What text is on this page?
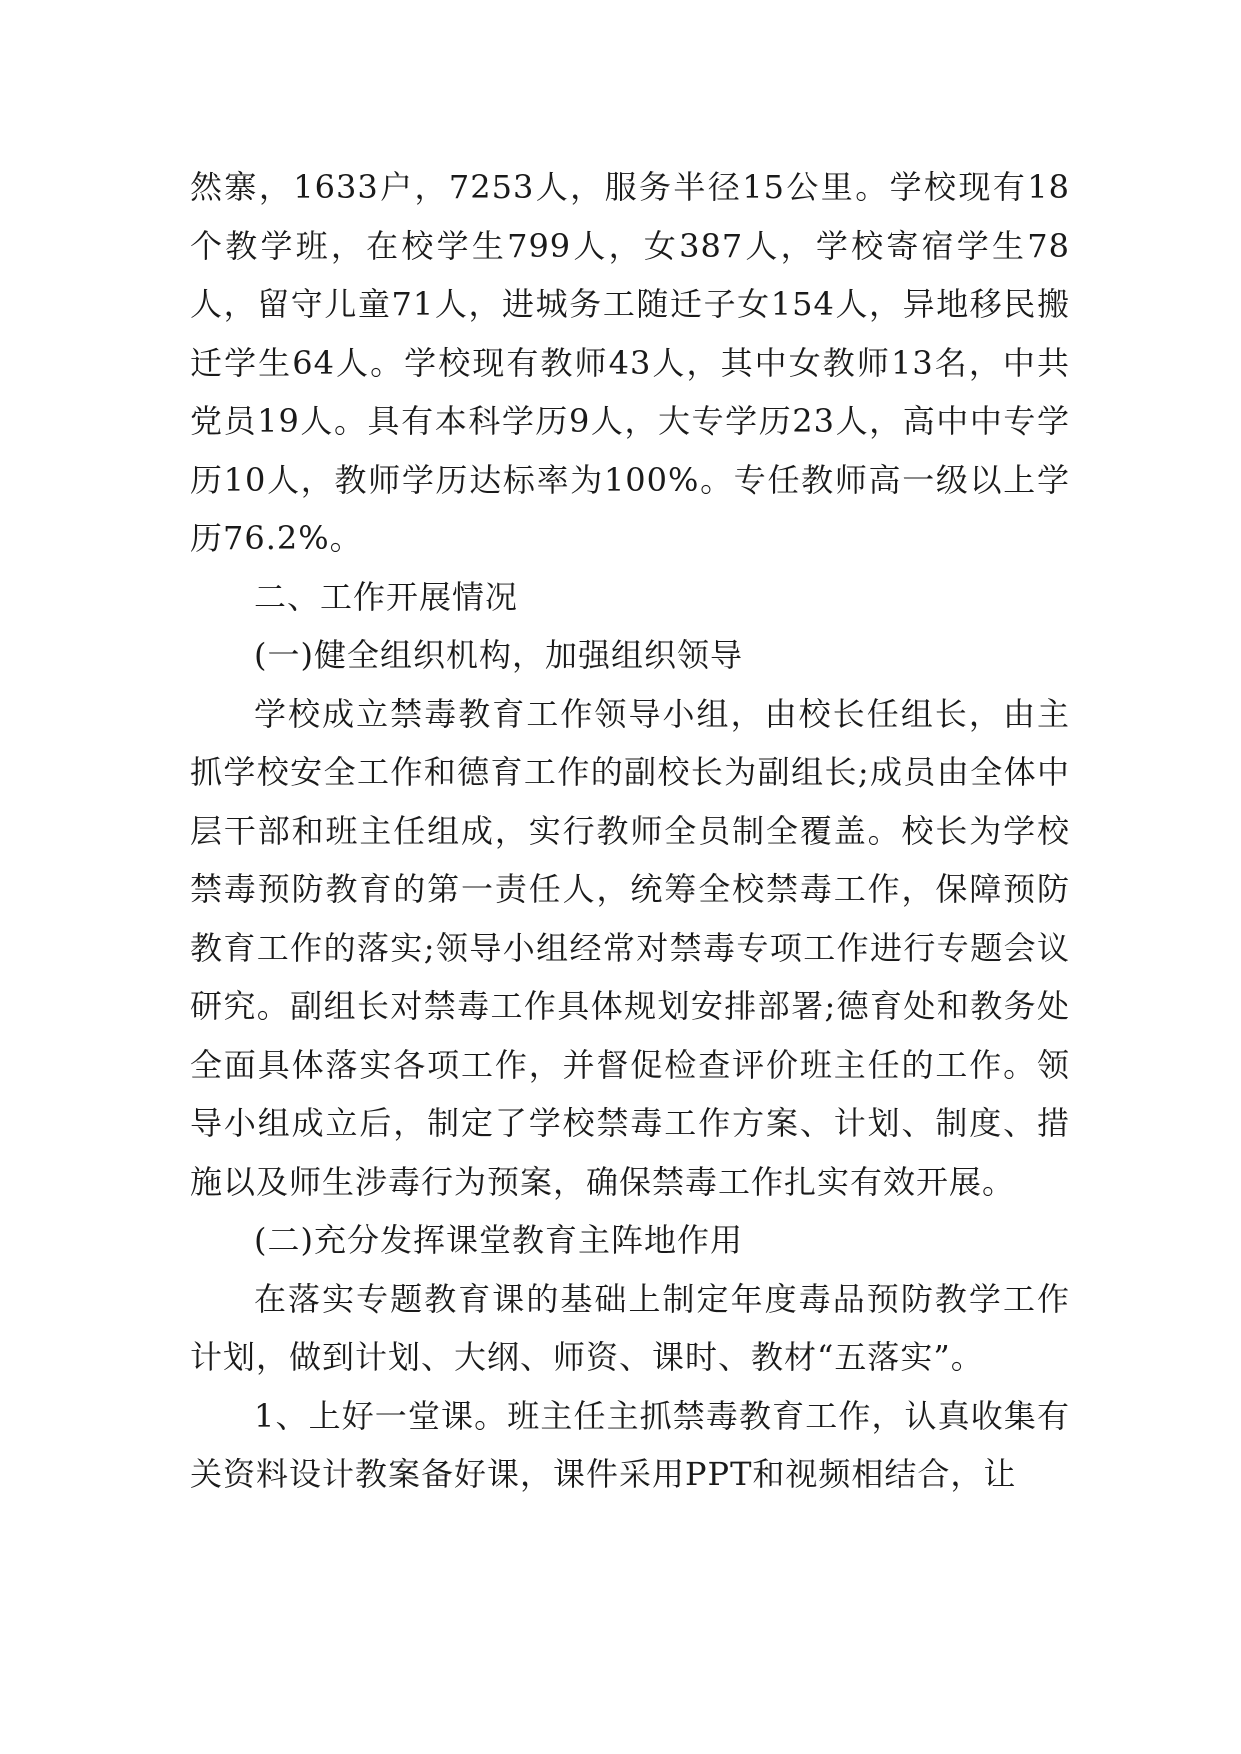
然寨，1633户，7253人，服务半径15公里。学校现有18个教学班，在校学生799人，女387人，学校寄宿学生78人，留守儿童71人，进城务工随迁子女154人，异地移民搬迁学生64人。学校现有教师43人，其中女教师13名，中共党员19人。具有本科学历9人，大专学历23人，高中中专学历10人，教师学历达标率为100%。专任教师高一级以上学历76.2%。

二、工作开展情况

(一)健全组织机构，加强组织领导

学校成立禁毒教育工作领导小组，由校长任组长，由主抓学校安全工作和德育工作的副校长为副组长;成员由全体中层干部和班主任组成，实行教师全员制全覆盖。校长为学校禁毒预防教育的第一责任人，统筹全校禁毒工作，保障预防教育工作的落实;领导小组经常对禁毒专项工作进行专题会议研究。副组长对禁毒工作具体规划安排部署;德育处和教务处全面具体落实各项工作，并督促检查评价班主任的工作。领导小组成立后，制定了学校禁毒工作方案、计划、制度、措施以及师生涉毒行为预案，确保禁毒工作扎实有效开展。

(二)充分发挥课堂教育主阵地作用

在落实专题教育课的基础上制定年度毒品预防教学工作计划，做到计划、大纲、师资、课时、教材“五落实”。

1、上好一堂课。班主任主抓禁毒教育工作，认真收集有关资料设计教案备好课，课件采用PPT和视频相结合，让
